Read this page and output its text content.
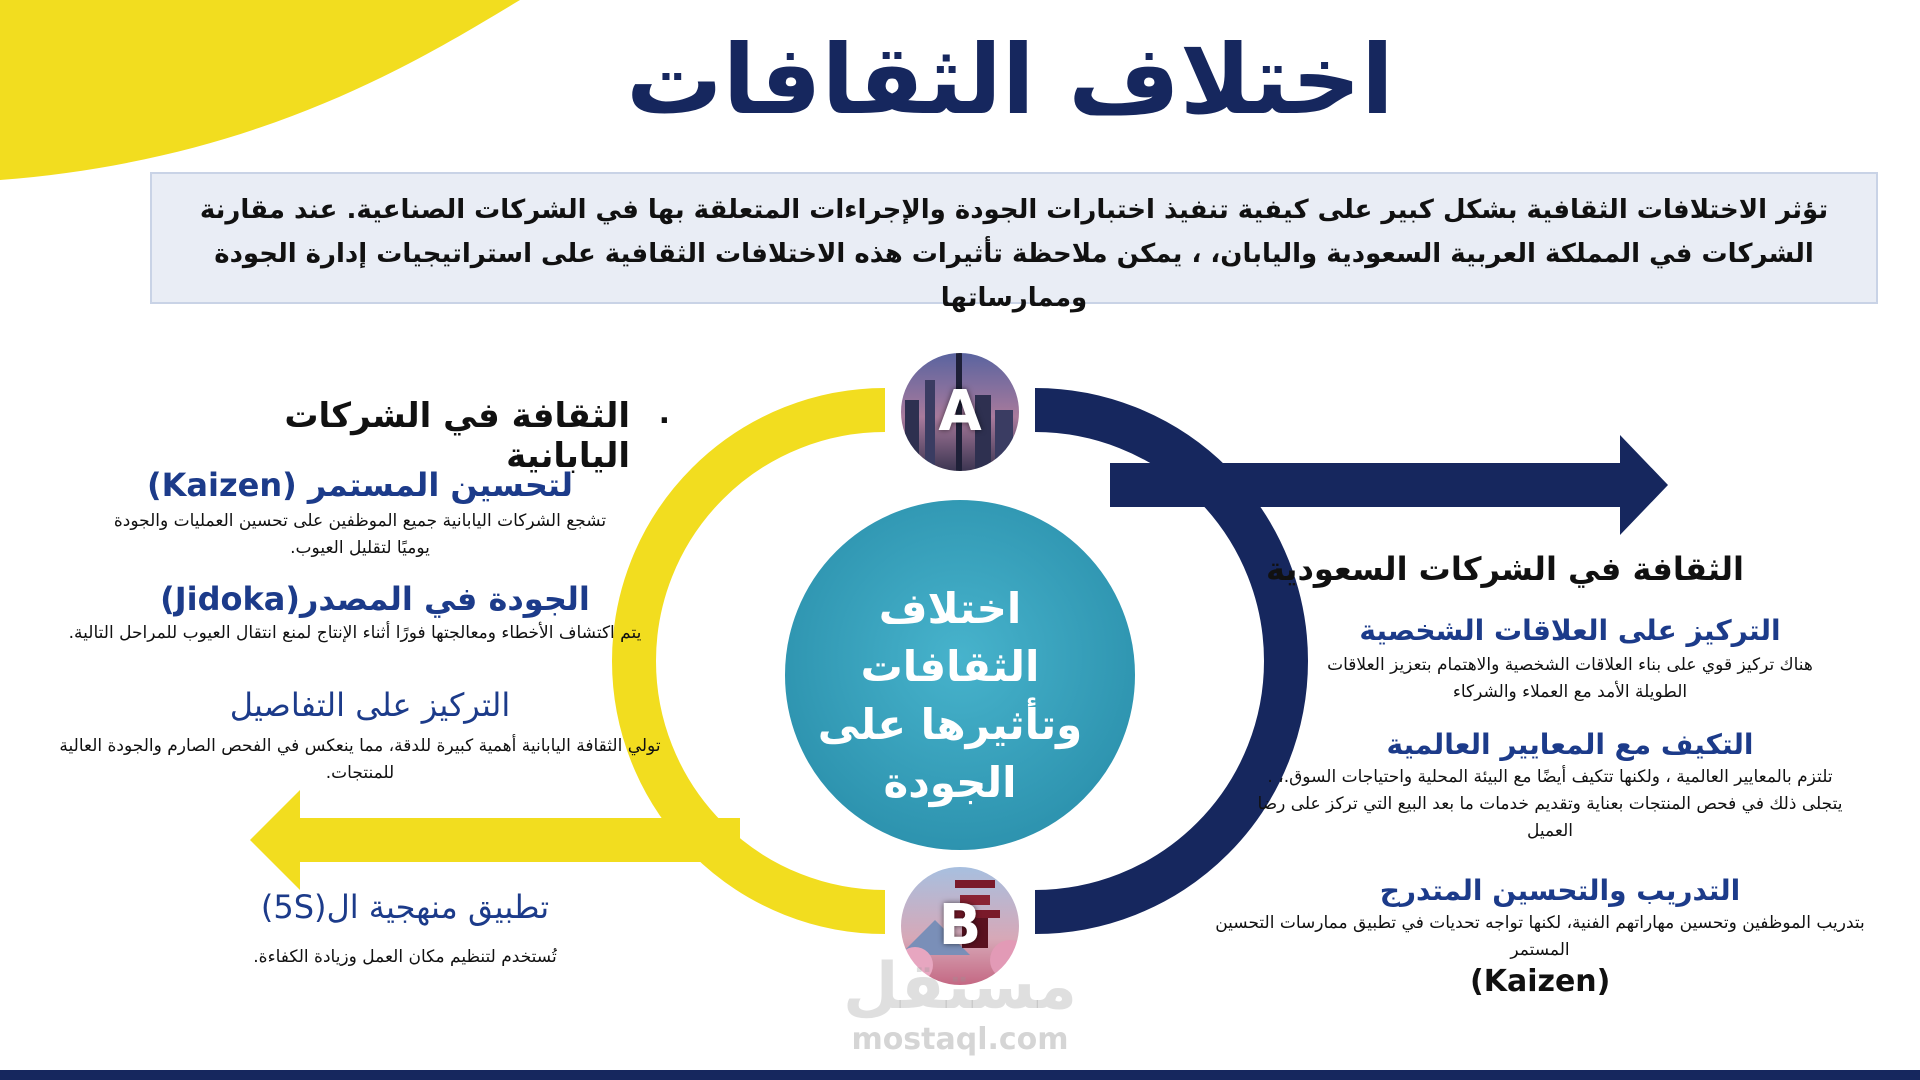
اختلاف الثقافات
تؤثر الاختلافات الثقافية بشكل كبير على كيفية تنفيذ اختبارات الجودة والإجراءات المتعلقة بها في الشركات الصناعية. عند مقارنة الشركات في المملكة العربية السعودية واليابان، ، يمكن ملاحظة تأثيرات هذه الاختلافات الثقافية على استراتيجيات إدارة الجودة وممارساتها
A
B
اختلاف الثقافات
وتأثيرها على
الجودة
الثقافة في الشركات اليابانية
.
لتحسين المستمر (Kaizen)
تشجع الشركات اليابانية جميع الموظفين على تحسين العمليات والجودة يوميًا لتقليل العيوب.
الجودة في المصدر(Jidoka)
يتم اكتشاف الأخطاء ومعالجتها فورًا أثناء الإنتاج لمنع انتقال العيوب للمراحل التالية.
التركيز على التفاصيل
تولي الثقافة اليابانية أهمية كبيرة للدقة، مما ينعكس في الفحص الصارم والجودة العالية للمنتجات.
تطبيق منهجية ال(5S)
تُستخدم لتنظيم مكان العمل وزيادة الكفاءة.
الثقافة في الشركات السعودية
التركيز على العلاقات الشخصية
هناك تركيز قوي على بناء العلاقات الشخصية والاهتمام بتعزيز العلاقات الطويلة الأمد مع العملاء والشركاء
التكيف مع المعايير العالمية
تلتزم بالمعايير العالمية ، ولكنها تتكيف أيضًا مع البيئة المحلية واحتياجات السوق.، . يتجلى ذلك في فحص المنتجات بعناية وتقديم خدمات ما بعد البيع التي تركز على رضا العميل
التدريب والتحسين المتدرج
بتدريب الموظفين وتحسين مهاراتهم الفنية، لكنها تواجه تحديات في تطبيق ممارسات التحسين المستمر
(Kaizen)
مستقل
mostaql.com
